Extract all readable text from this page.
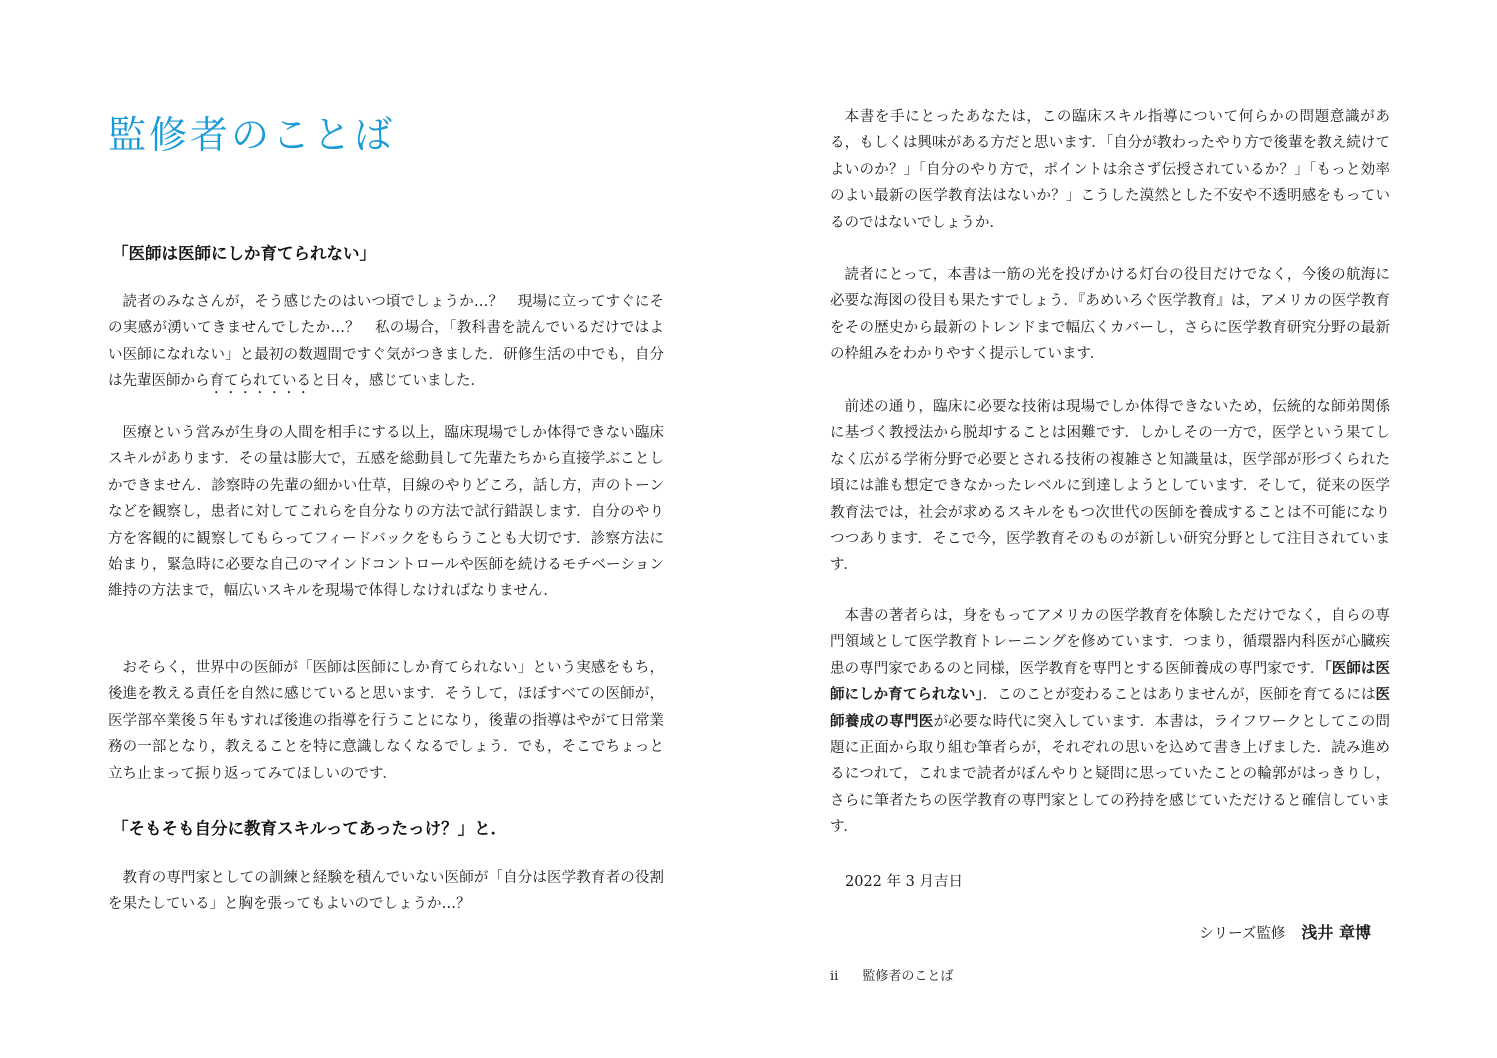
監修者のことば

「医師は医師にしか育てられない」

読者のみなさんが，そう感じたのはいつ頃でしょうか…？　現場に立ってすぐにその実感が湧いてきませんでしたか…？　私の場合，「教科書を読んでいるだけではよい医師になれない」と最初の数週間ですぐ気がつきました．研修生活の中でも，自分は先輩医師から育てられていると日々，感じていました．

医療という営みが生身の人間を相手にする以上，臨床現場でしか体得できない臨床スキルがあります．その量は膨大で，五感を総動員して先輩たちから直接学ぶことしかできません．診察時の先輩の細かい仕草，目線のやりどころ，話し方，声のトーンなどを観察し，患者に対してこれらを自分なりの方法で試行錯誤します．自分のやり方を客観的に観察してもらってフィードバックをもらうことも大切です．診察方法に始まり，緊急時に必要な自己のマインドコントロールや医師を続けるモチベーション維持の方法まで，幅広いスキルを現場で体得しなければなりません．

おそらく，世界中の医師が「医師は医師にしか育てられない」という実感をもち，後進を教える責任を自然に感じていると思います．そうして，ほぼすべての医師が，医学部卒業後５年もすれば後進の指導を行うことになり，後輩の指導はやがて日常業務の一部となり，教えることを特に意識しなくなるでしょう．でも，そこでちょっと立ち止まって振り返ってみてほしいのです．

「そもそも自分に教育スキルってあったっけ？」と．

教育の専門家としての訓練と経験を積んでいない医師が「自分は医学教育者の役割を果たしている」と胸を張ってもよいのでしょうか…？

本書を手にとったあなたは，この臨床スキル指導について何らかの問題意識がある，もしくは興味がある方だと思います．「自分が教わったやり方で後輩を教え続けてよいのか？」「自分のやり方で，ポイントは余さず伝授されているか？」「もっと効率のよい最新の医学教育法はないか？」こうした漠然とした不安や不透明感をもっているのではないでしょうか．

読者にとって，本書は一筋の光を投げかける灯台の役目だけでなく，今後の航海に必要な海図の役目も果たすでしょう．『あめいろぐ医学教育』は，アメリカの医学教育をその歴史から最新のトレンドまで幅広くカバーし，さらに医学教育研究分野の最新の枠組みをわかりやすく提示しています．

前述の通り，臨床に必要な技術は現場でしか体得できないため，伝統的な師弟関係に基づく教授法から脱却することは困難です．しかしその一方で，医学という果てしなく広がる学術分野で必要とされる技術の複雑さと知識量は，医学部が形づくられた頃には誰も想定できなかったレベルに到達しようとしています．そして，従来の医学教育法では，社会が求めるスキルをもつ次世代の医師を養成することは不可能になりつつあります．そこで今，医学教育そのものが新しい研究分野として注目されています．

本書の著者らは，身をもってアメリカの医学教育を体験しただけでなく，自らの専門領域として医学教育トレーニングを修めています．つまり，循環器内科医が心臓疾患の専門家であるのと同様，医学教育を専門とする医師養成の専門家です．「医師は医師にしか育てられない」．このことが変わることはありませんが，医師を育てるには医師養成の専門医が必要な時代に突入しています．本書は，ライフワークとしてこの問題に正面から取り組む筆者らが，それぞれの思いを込めて書き上げました．読み進めるにつれて，これまで読者がぼんやりと疑問に思っていたことの輪郭がはっきりし，さらに筆者たちの医学教育の専門家としての矜持を感じていただけると確信しています．

2022 年 3 月吉日

シリーズ監修 浅井 章博

ii 監修者のことば
